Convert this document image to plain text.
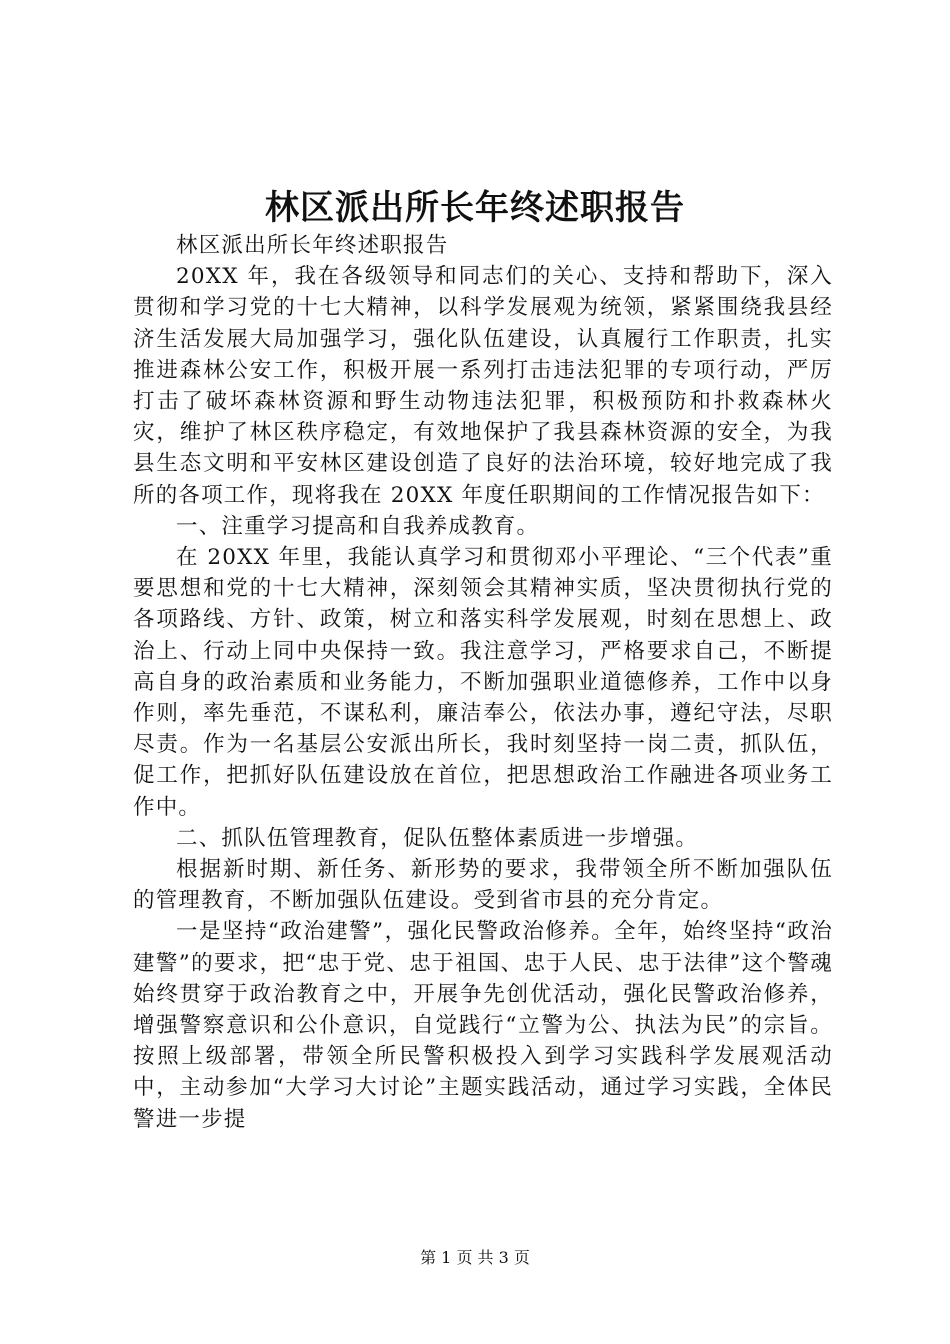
林区派出所长年终述职报告

林区派出所长年终述职报告

20XX 年，我在各级领导和同志们的关心、支持和帮助下，深入贯彻和学习党的十七大精神，以科学发展观为统领，紧紧围绕我县经济生活发展大局加强学习，强化队伍建设，认真履行工作职责，扎实推进森林公安工作，积极开展一系列打击违法犯罪的专项行动，严厉打击了破坏森林资源和野生动物违法犯罪，积极预防和扑救森林火灾，维护了林区秩序稳定，有效地保护了我县森林资源的安全，为我县生态文明和平安林区建设创造了良好的法治环境，较好地完成了我所的各项工作，现将我在 20XX 年度任职期间的工作情况报告如下：

一、注重学习提高和自我养成教育。

在 20XX 年里，我能认真学习和贯彻邓小平理论、“三个代表”重要思想和党的十七大精神，深刻领会其精神实质，坚决贯彻执行党的各项路线、方针、政策，树立和落实科学发展观，时刻在思想上、政治上、行动上同中央保持一致。我注意学习，严格要求自己，不断提高自身的政治素质和业务能力，不断加强职业道德修养，工作中以身作则，率先垂范，不谋私利，廉洁奉公，依法办事，遵纪守法，尽职尽责。作为一名基层公安派出所长，我时刻坚持一岗二责，抓队伍，促工作，把抓好队伍建设放在首位，把思想政治工作融进各项业务工作中。

二、抓队伍管理教育，促队伍整体素质进一步增强。

根据新时期、新任务、新形势的要求，我带领全所不断加强队伍的管理教育，不断加强队伍建设。受到省市县的充分肯定。

一是坚持“政治建警”，强化民警政治修养。全年，始终坚持“政治建警”的要求，把“忠于党、忠于祖国、忠于人民、忠于法律”这个警魂始终贯穿于政治教育之中，开展争先创优活动，强化民警政治修养，增强警察意识和公仆意识，自觉践行“立警为公、执法为民”的宗旨。按照上级部署，带领全所民警积极投入到学习实践科学发展观活动中，主动参加“大学习大讨论”主题实践活动，通过学习实践，全体民警进一步提

第 1 页 共 3 页
